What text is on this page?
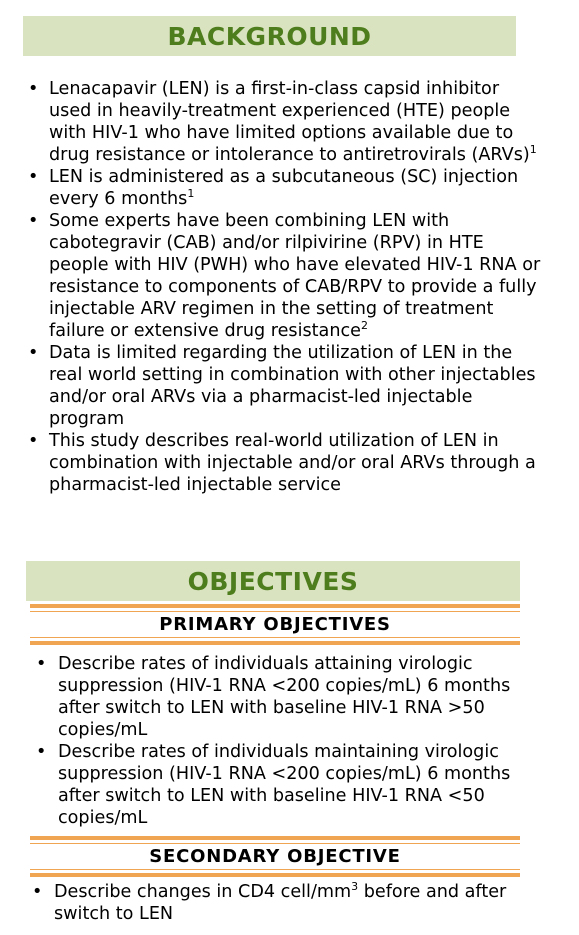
BACKGROUND
• Lenacapavir (LEN) is a first-in-class capsid inhibitor used in heavily-treatment experienced (HTE) people with HIV-1 who have limited options available due to drug resistance or intolerance to antiretrovirals (ARVs)$^1$
• LEN is administered as a subcutaneous (SC) injection every 6 months$^1$
• Some experts have been combining LEN with cabotegravir (CAB) and/or rilpivirine (RPV) in HTE people with HIV (PWH) who have elevated HIV-1 RNA or resistance to components of CAB/RPV to provide a fully injectable ARV regimen in the setting of treatment failure or extensive drug resistance$^2$
• Data is limited regarding the utilization of LEN in the real world setting in combination with other injectables and/or oral ARVs via a pharmacist-led injectable program
• This study describes real-world utilization of LEN in combination with injectable and/or oral ARVs through a pharmacist-led injectable service
OBJECTIVES
PRIMARY OBJECTIVES
• Describe rates of individuals attaining virologic suppression (HIV-1 RNA <200 copies/mL) 6 months after switch to LEN with baseline HIV-1 RNA >50 copies/mL
• Describe rates of individuals maintaining virologic suppression (HIV-1 RNA <200 copies/mL) 6 months after switch to LEN with baseline HIV-1 RNA <50 copies/mL
SECONDARY OBJECTIVE
• Describe changes in CD4 cell/$mm^3$ before and after switch to LEN
